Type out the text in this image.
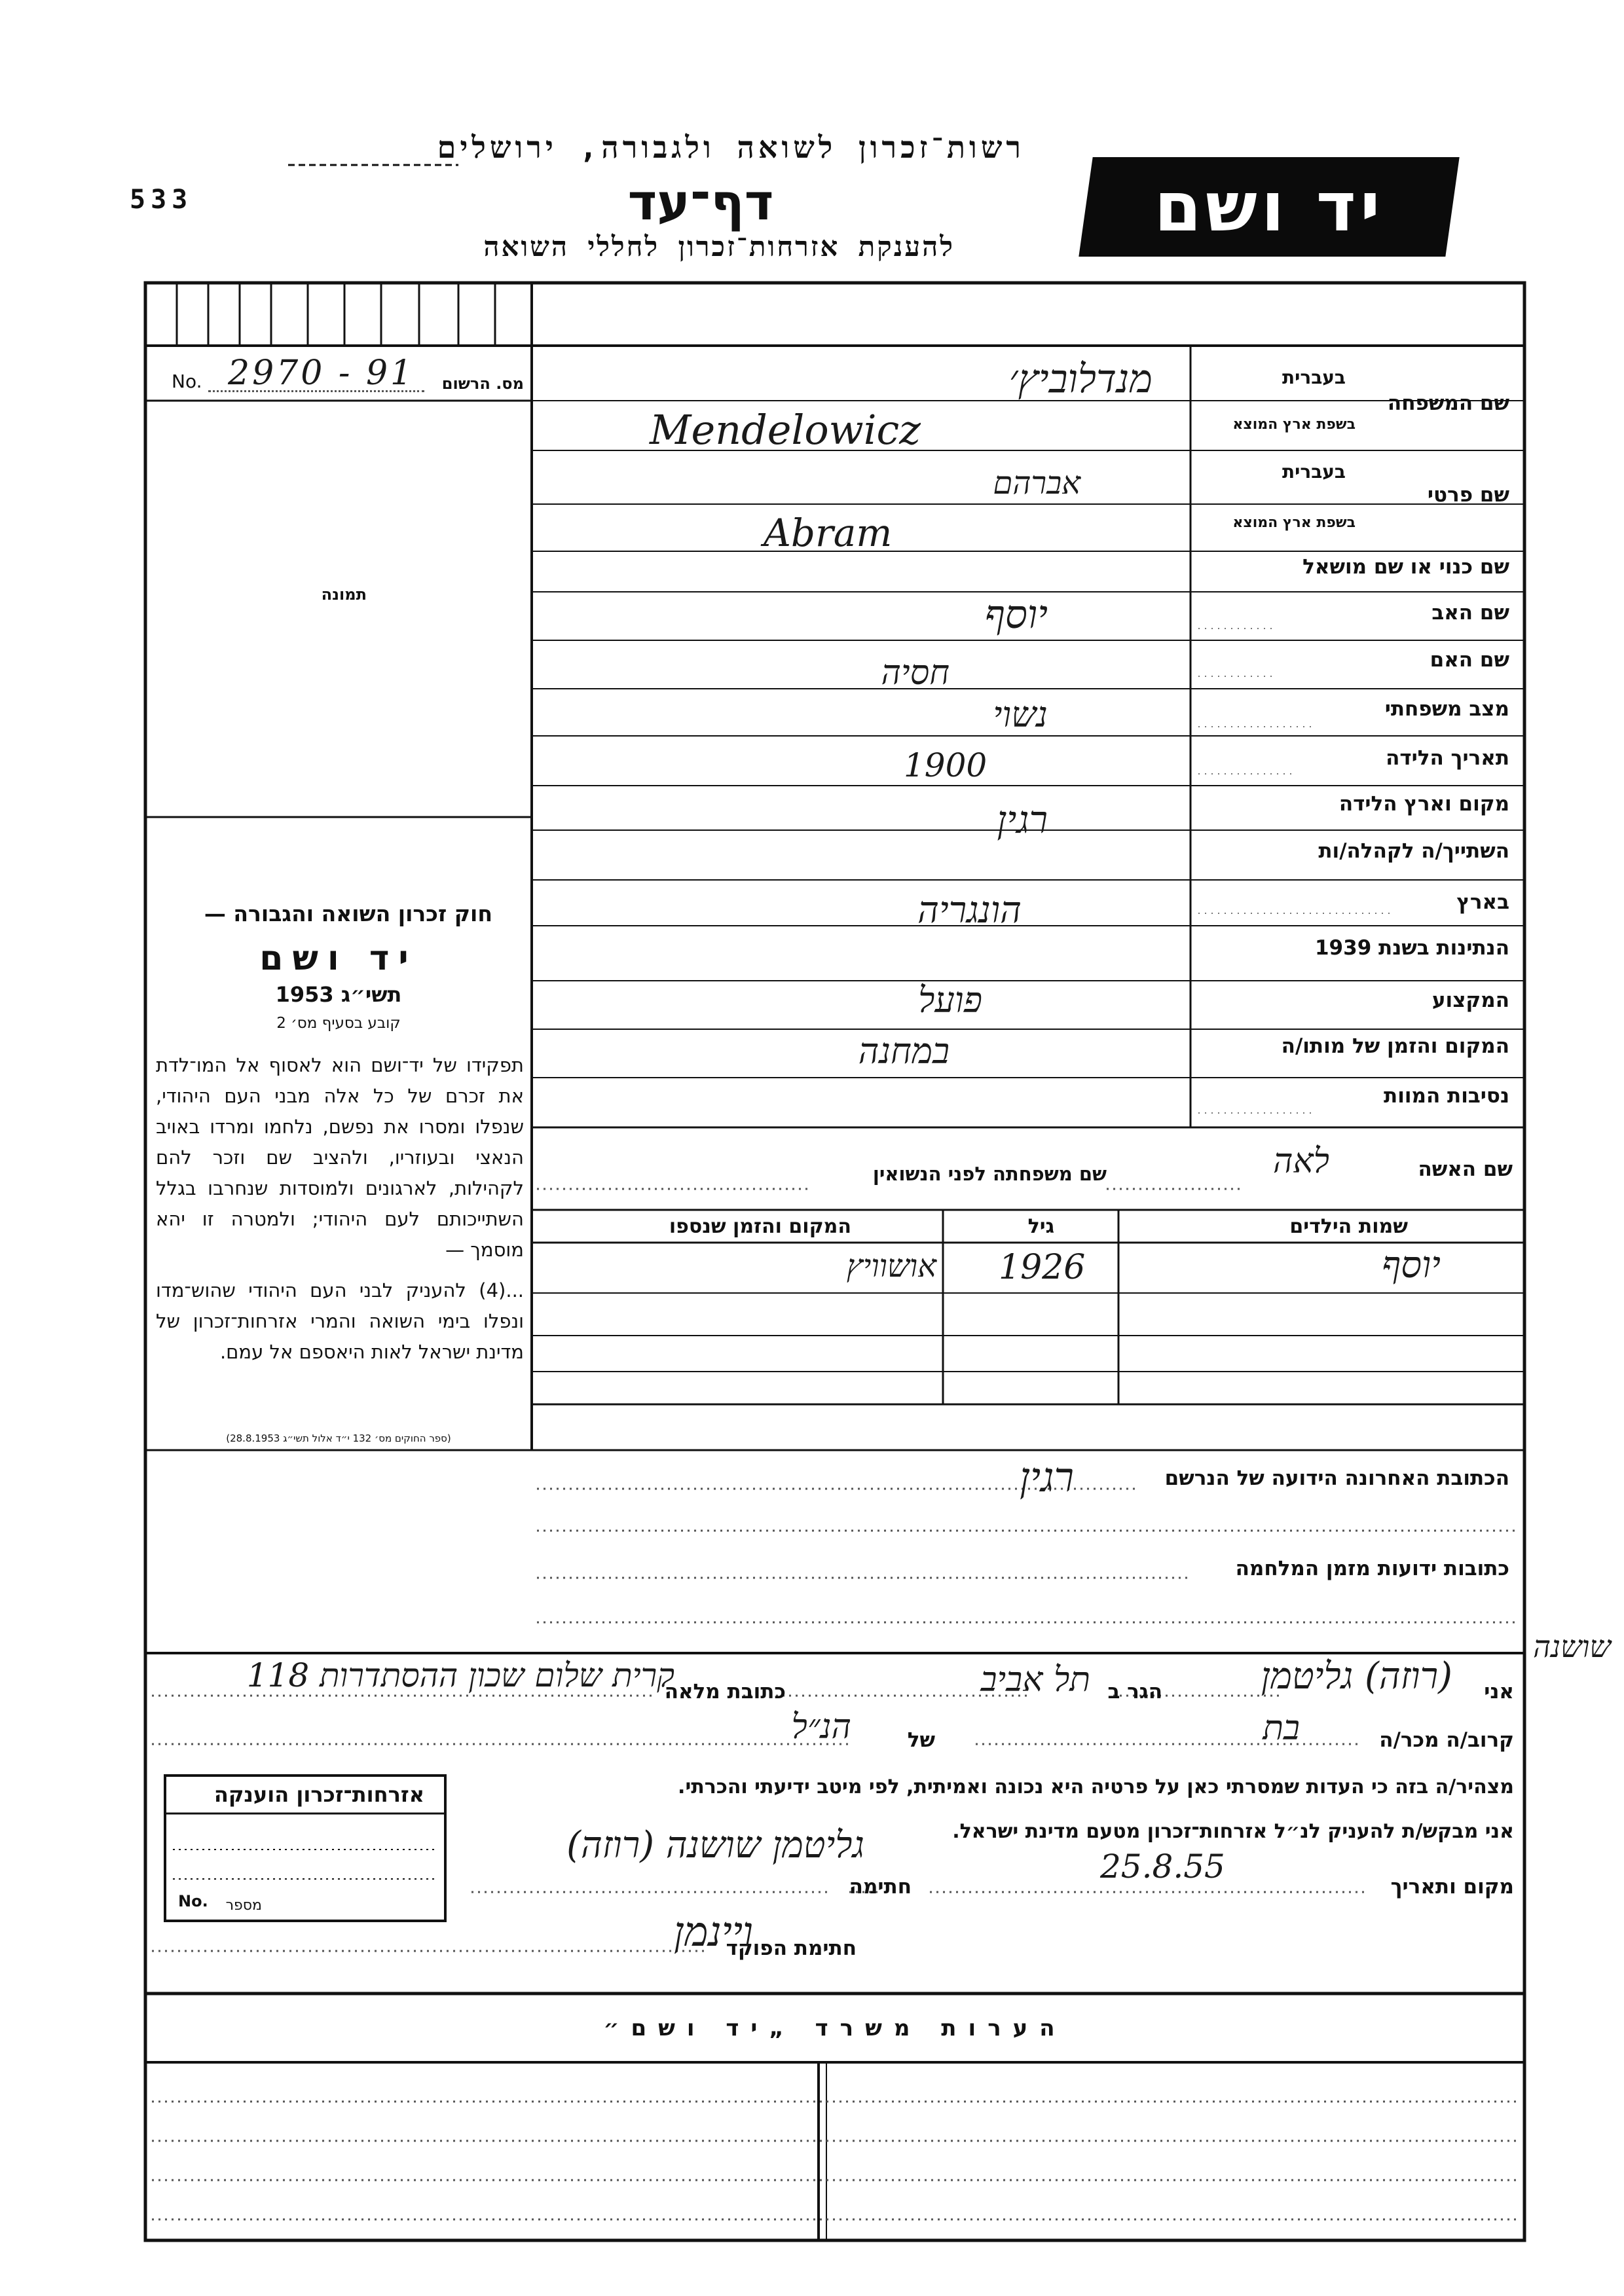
רשות־זכרון לשואה ולגבורה, ירושלים
533	דף־עד
להענקת אזרחות־זכרון לחללי השואה	יד ושם
מס. הרשום
No. 2970 - 91
תמונה
חוק זכרון השואה והגבורה —
יד ושם
תשי״ג 1953
קובע בסעיף מס׳ 2
תפקידו של יד־ושם הוא לאסוף אל המו־לדת את זכרם של כל אלה מבני העם היהודי, שנפלו ומסרו את נפשם, נלחמו ומרדו באויב הנאצי ובעוזריו, ולהציב שם וזכר להם לקהילות, לארגונים ולמוסדות שנחרבו בגלל השתייכותם לעם היהודי; ולמטרה זו יהא מוסמך —
...(4) להעניק לבני העם היהודי שהוש־מדו ונפלו בימי השואה והמרי אזרחות־זכרון של מדינת ישראל לאות היאספם אל עמם.
(ספר החוקים מס׳ 132 י״ד אלול תשי״ג 28.8.1953)
שם המשפחה
בעברית
בשפת ארץ המוצא
מנדלוביץ׳
Mendelowicz
שם פרטי
בעברית
בשפת ארץ המוצא
אברהם
Abram
שם כנוי או שם מושאל
שם האב
יוסף
שם האם
חסיה
מצב משפחתי
נשוי
תאריך הלידה
1900
מקום וארץ הלידה
השתייך/ה לקהלה/ות
רגין
בארץ
הונגריה
הנתינות בשנת 1939
המקצוע
פועל
המקום והזמן של מותו/ה
במחנה
נסיבות המוות
שם האשה
לאה
שם משפחתה לפני הנשואין
שמות הילדים
גיל
המקום והזמן שנספו
יוסף
1926
אושוויץ
הכתובת האחרונה הידועה של הנרשם
רגין
כתובות ידועות מזמן המלחמה
שושנה
אני
(רוזה) גליטמן
הגר ב
תל אביב
כתובת מלאה
קרית שלום שכון ההסתדרות 118
קרוב/ה מכר/ה
בת
של
הנ״ל
מצהיר/ה בזה כי העדות שמסרתי כאן על פרטיה היא נכונה ואמיתית, לפי מיטב ידיעתי והכרתי.
אני מבקש/ת להעניק לנ״ל אזרחות־זכרון מטעם מדינת ישראל.
מקום ותאריך
25.8.55
חתימה
גליטמן שושנה (רוזה)
חתימת הפוקד
ויינמן
אזרחות־זכרון הוענקה
מספר
No.
הערות משרד „יד ושם״
